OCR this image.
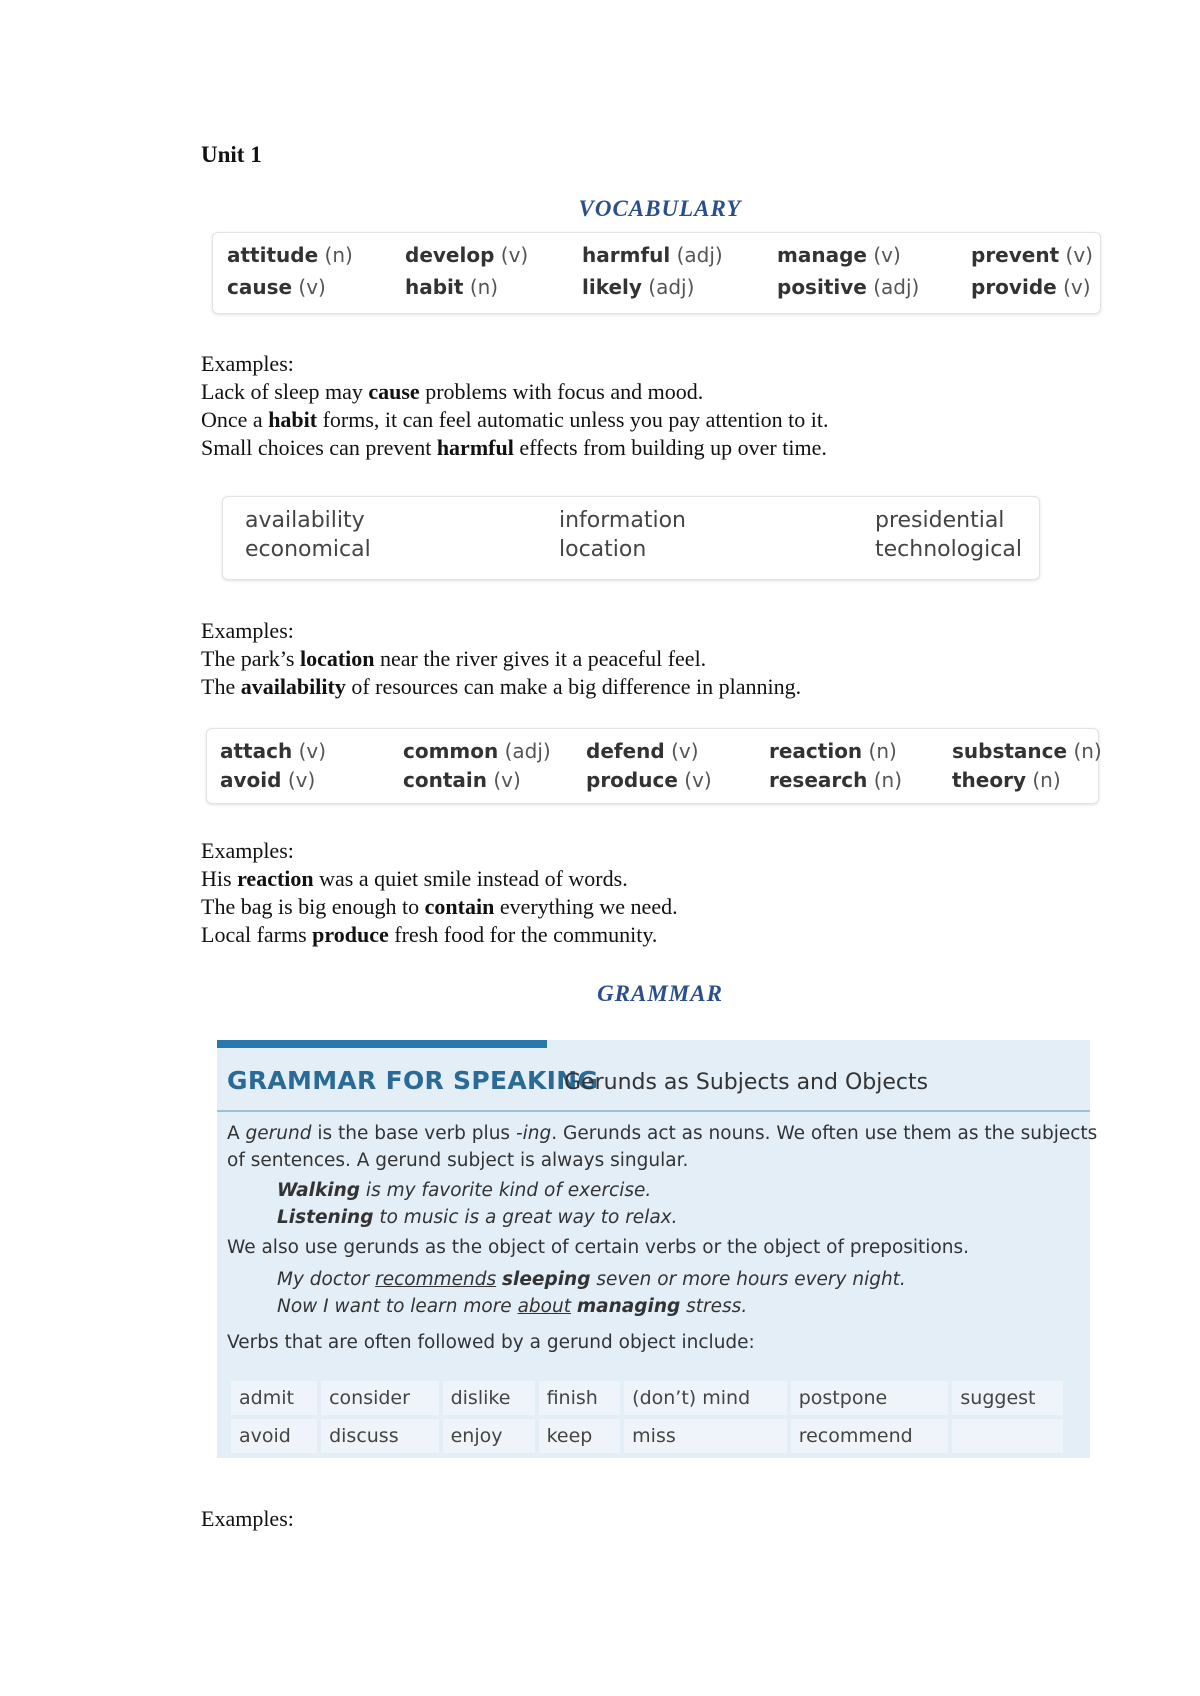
Unit 1
VOCABULARY
attitude (n)	develop (v)	harmful (adj)	manage (v)	prevent (v)
cause (v)	habit (n)	likely (adj)	positive (adj)	provide (v)
Examples:
Lack of sleep may cause problems with focus and mood.
Once a habit forms, it can feel automatic unless you pay attention to it.
Small choices can prevent harmful effects from building up over time.
availability	information	presidential
economical	location	technological
Examples:
The park’s location near the river gives it a peaceful feel.
The availability of resources can make a big difference in planning.
attach (v)	common (adj)	defend (v)	reaction (n)	substance (n)
avoid (v)	contain (v)	produce (v)	research (n)	theory (n)
Examples:
His reaction was a quiet smile instead of words.
The bag is big enough to contain everything we need.
Local farms produce fresh food for the community.
GRAMMAR
GRAMMAR FOR SPEAKING
Gerunds as Subjects and Objects
A gerund is the base verb plus -ing. Gerunds act as nouns. We often use them as the subjects
of sentences. A gerund subject is always singular.
Walking is my favorite kind of exercise.
Listening to music is a great way to relax.
We also use gerunds as the object of certain verbs or the object of prepositions.
My doctor recommends sleeping seven or more hours every night.
Now I want to learn more about managing stress.
Verbs that are often followed by a gerund object include:
admit	consider	dislike	finish	(don’t) mind	postpone	suggest
avoid	discuss	enjoy	keep	miss	recommend	
Examples:
